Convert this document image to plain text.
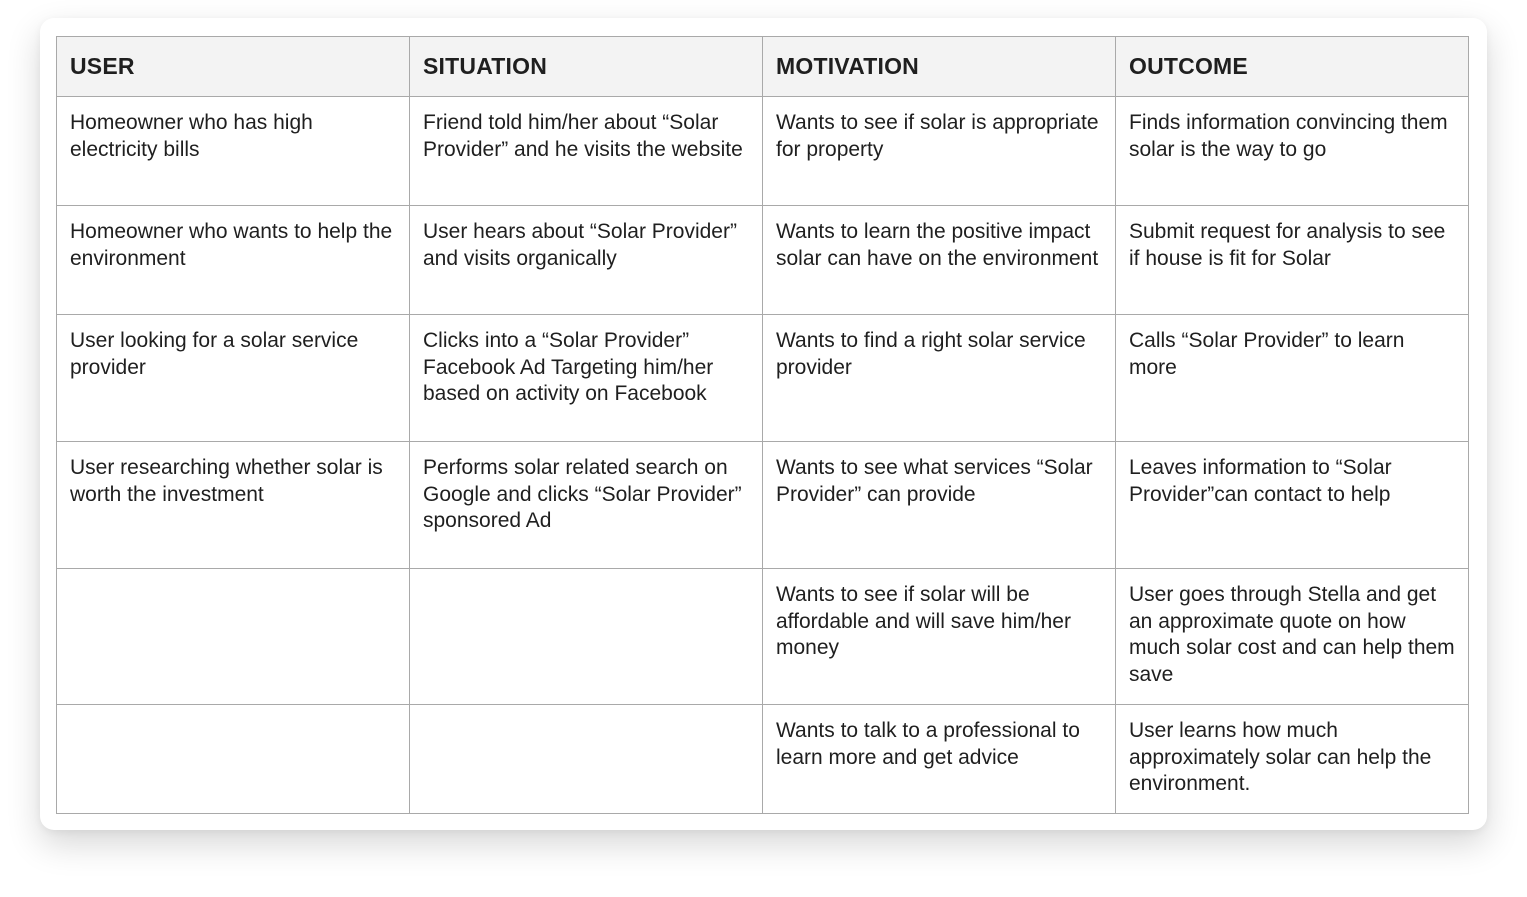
USER	SITUATION	MOTIVATION	OUTCOME
Homeowner who has high electricity bills	Friend told him/her about “Solar Provider” and he visits the website	Wants to see if solar is appropriate for property	Finds information convincing them solar is the way to go
Homeowner who wants to help the environment	User hears about “Solar Provider” and visits organically	Wants to learn the positive impact solar can have on the environment	Submit request for analysis to see if house is fit for Solar
User looking for a solar service provider	Clicks into a “Solar Provider” Facebook Ad Targeting him/her based on activity on Facebook	Wants to find a right solar service provider	Calls “Solar Provider” to learn more
User researching whether solar is worth the investment	Performs solar related search on Google and clicks “Solar Provider” sponsored Ad	Wants to see what services “Solar Provider” can provide	Leaves information to “Solar Provider”can contact to help
		Wants to see if solar will be affordable and will save him/her money	User goes through Stella and get an approximate quote on how much solar cost and can help them save
		Wants to talk to a professional to learn more and get advice	User learns how much approximately solar can help the environment.
